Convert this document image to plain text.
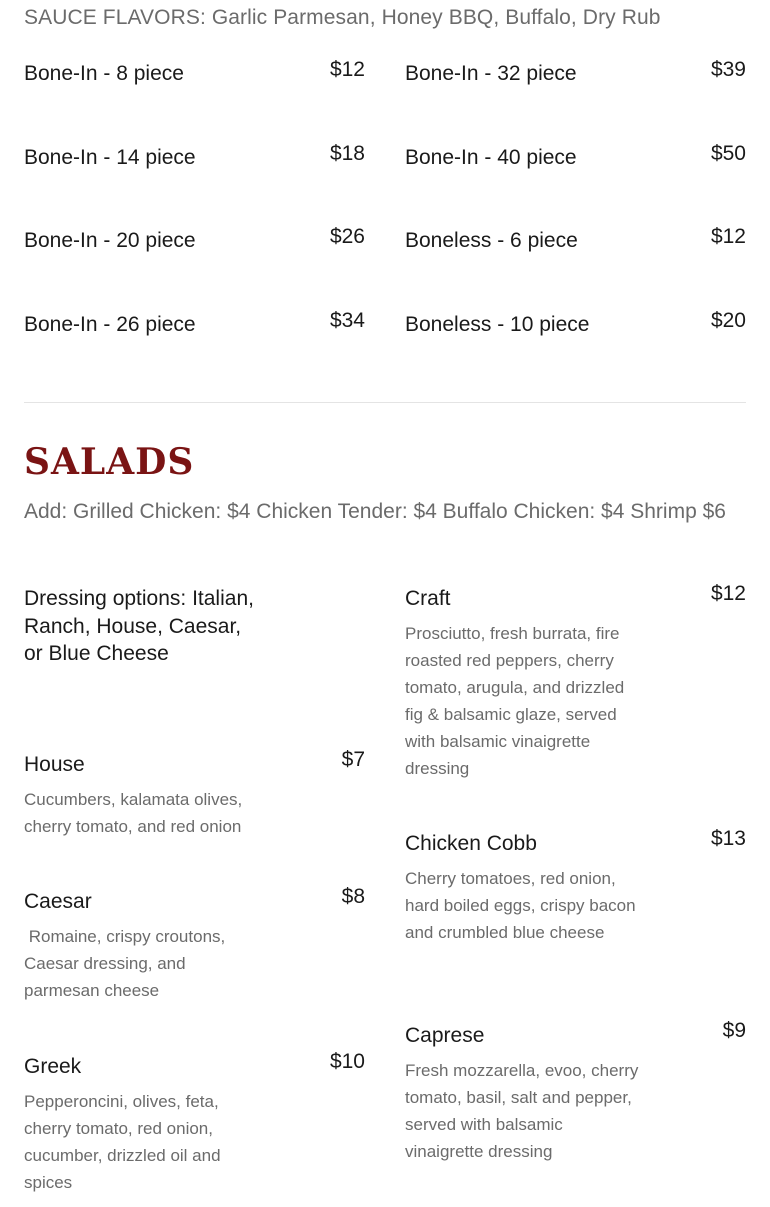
SAUCE FLAVORS: Garlic Parmesan, Honey BBQ, Buffalo, Dry Rub
Bone-In - 8 piece	$12
Bone-In - 14 piece	$18
Bone-In - 20 piece	$26
Bone-In - 26 piece	$34
Bone-In - 32 piece	$39
Bone-In - 40 piece	$50
Boneless - 6 piece	$12
Boneless - 10 piece	$20
SALADS
Add: Grilled Chicken: $4 Chicken Tender: $4 Buffalo Chicken: $4 Shrimp $6
Dressing options: Italian, Ranch, House, Caesar, or Blue Cheese
House	$7
Cucumbers, kalamata olives, cherry tomato, and red onion
Caesar	$8
Romaine, crispy croutons, Caesar dressing, and parmesan cheese
Greek	$10
Pepperoncini, olives, feta, cherry tomato, red onion, cucumber, drizzled oil and spices
Craft	$12
Prosciutto, fresh burrata, fire roasted red peppers, cherry tomato, arugula, and drizzled fig & balsamic glaze, served with balsamic vinaigrette dressing
Chicken Cobb	$13
Cherry tomatoes, red onion, hard boiled eggs, crispy bacon and crumbled blue cheese
Caprese	$9
Fresh mozzarella, evoo, cherry tomato, basil, salt and pepper, served with balsamic vinaigrette dressing
